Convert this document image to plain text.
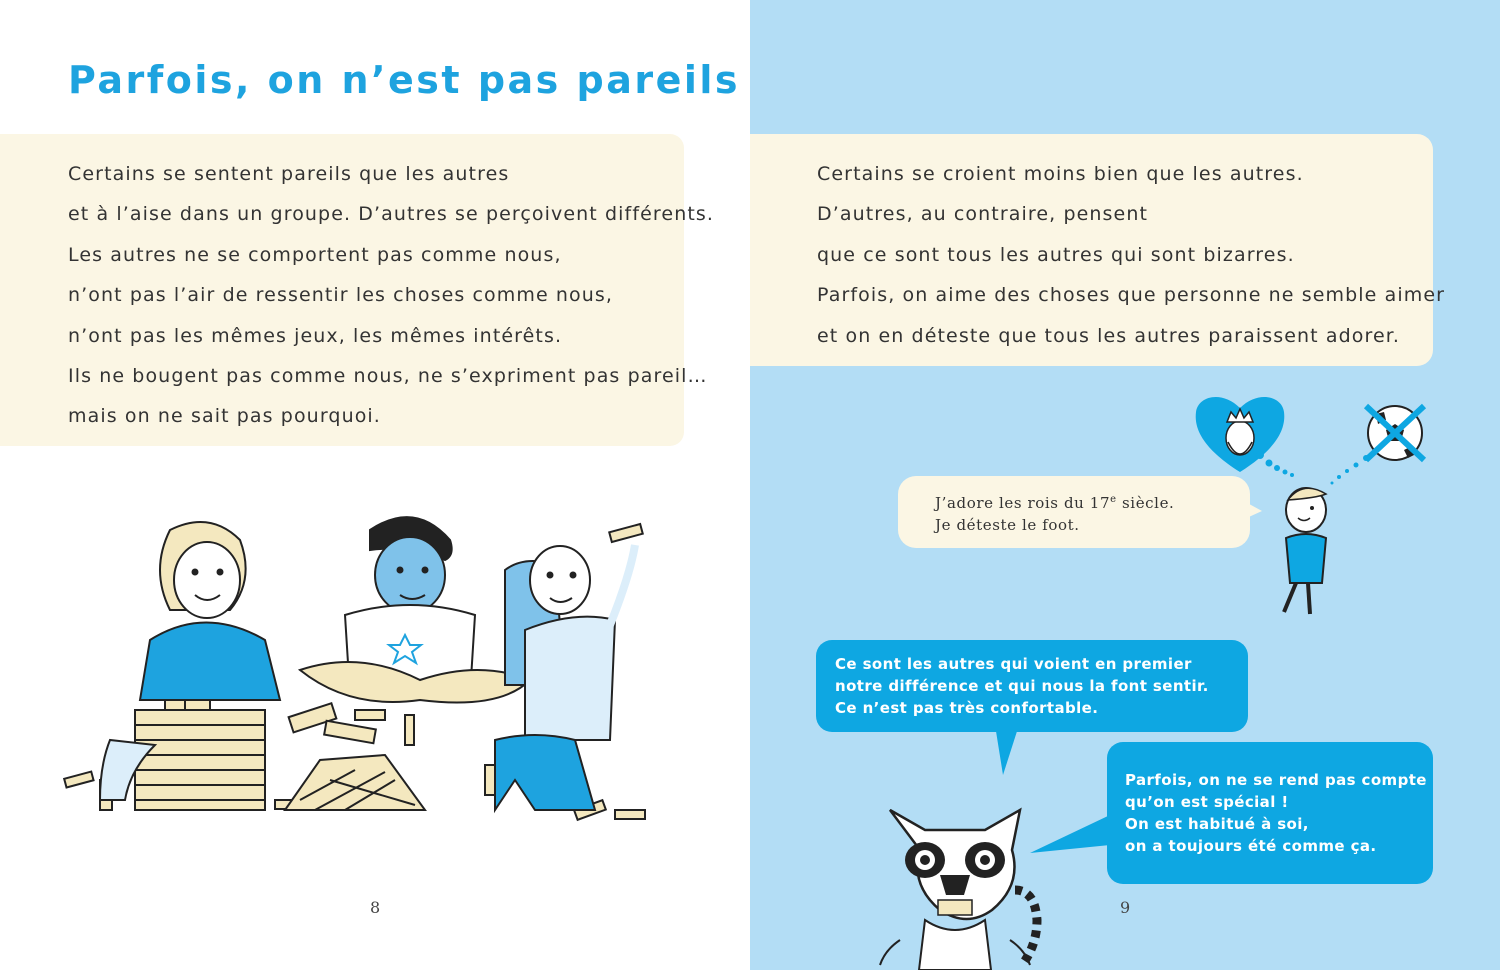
Parfois, on n’est pas pareils
8
Certains se sentent pareils que les autres
et à l’aise dans un groupe. D’autres se perçoivent différents.
Les autres ne se comportent pas comme nous,
n’ont pas l’air de ressentir les choses comme nous,
n’ont pas les mêmes jeux, les mêmes intérêts.
Ils ne bougent pas comme nous, ne s’expriment pas pareil…
mais on ne sait pas pourquoi.
9
Certains se croient moins bien que les autres.
D’autres, au contraire, pensent
que ce sont tous les autres qui sont bizarres.
Parfois, on aime des choses que personne ne semble aimer
et on en déteste que tous les autres paraissent adorer.
J’adore les rois du 17e siècle.
Je déteste le foot.
Ce sont les autres qui voient en premier
notre différence et qui nous la font sentir.
Ce n’est pas très confortable.
Parfois, on ne se rend pas compte
qu’on est spécial !
On est habitué à soi,
on a toujours été comme ça.
